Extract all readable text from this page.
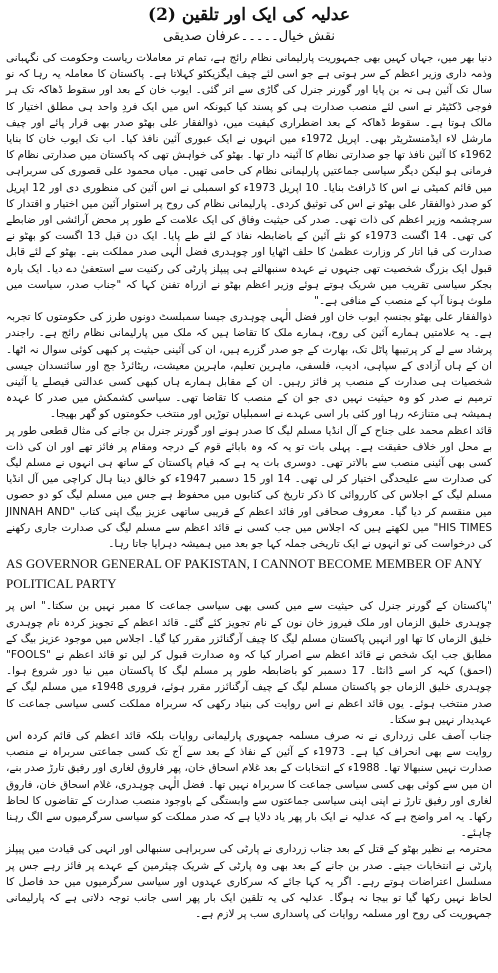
عدلیہ کی ایک اور تلقین (2)
نقش خیال۔۔۔۔۔عرفان صدیقی

دنیا بھر میں، جہاں کہیں بھی جمہوریت پارلیمانی نظام رائج ہے، تمام تر معاملات ریاست وحکومت کی نگہبانی وذمہ داری وزیر اعظم کے سر ہوتی ہے جو اسی لئے چیف ایگزیکٹو کہلاتا ہے۔ پاکستان کا معاملہ یہ رہا کہ نو سال تک آئین ہی نہ بن پایا اور گورنر جنرل کی گاڑی سے اتر گئی۔ ایوب خان کے بعد اور سقوط ڈھاکہ تک ہر فوجی ڈکٹیٹر نے اسی لئے منصب صدارت ہی کو پسند کیا کیونکہ اس میں ایک فردِ واحد ہی مطلق اختیار کا مالک ہوتا ہے۔ سقوط ڈھاکہ کے بعد اضطراری کیفیت میں، ذوالفقار علی بھٹو صدر بھی قرار پائے اور چیف مارشل لاء ایڈمنسٹریٹر بھی۔ اپریل 1972ء میں انہوں نے ایک عبوری آئین نافذ کیا۔ اب تک ایوب خان کا بنایا 1962ء کا آئین نافذ تھا جو صدارتی نظام کا آئینہ دار تھا۔ بھٹو کی خواہش تھی کہ پاکستان میں صدارتی نظام کا فرمانی ہو لیکن دیگر سیاسی جماعتیں پارلیمانی نظام کی حامی تھیں۔ میاں محمود علی قصوری کی سربراہی میں قائم کمیٹی نے اس کا ڈرافٹ بنایا۔ 10 اپریل 1973ء کو اسمبلی نے اس آئین کی منظوری دی اور 12 اپریل کو صدر ذوالفقار علی بھٹو نے اس کی توثیق کردی۔ پارلیمانی نظام کی روح پر استوار آئین میں اختیار و اقتدار کا سرچشمہ وزیر اعظم کی ذات تھی۔ صدر کی حیثیت وفاق کی ایک علامت کے طور پر محض آرائشی اور ضابطے کی تھی۔ 14 اگست 1973ء کو نئے آئین کے باضابطہ نفاذ کے لئے طے پایا۔ ایک دن قبل 13 اگست کو بھٹو نے صدارت کی قبا اتار کر وزارت عظمیٰ کا حلف اٹھایا اور چوہدری فضل الٰہی صدر مملکت بنے۔ بھٹو کے لئے قابل قبول ایک بزرگ شخصیت تھی جنہوں نے عہدہ سنبھالتے ہی پیپلز پارٹی کی رکنیت سے استعفیٰ دے دیا۔ ایک بارہ بجکر سیاسی تقریب میں شریک ہوتے ہوئے وزیر اعظم بھٹو نے ازراہ تفنن کہا کہ "جناب صدر، سیاست میں ملوث ہونا آپ کے منصب کے منافی ہے۔"

ذوالفقار علی بھٹو بجنسہٖ ایوب خان اور فضل الٰہی چوہدری جیسا سمبلسٹ دونوں طرز کی حکومتوں کا تجربہ ہے۔ یہ علامتیں ہمارے آئین کی روح، ہمارے ملک کا تقاضا ہیں کہ ملک میں پارلیمانی نظام رائج ہے۔ راجندر پرشاد سے لے کر پرتیبھا پاٹل تک، بھارت کے جو صدر گزرے ہیں، ان کی آئینی حیثیت پر کبھی کوئی سوال نہ اٹھا۔ ان کے ہاں آزادی کے سپاہی، ادیب، فلسفی، ماہرین تعلیم، ماہرین معیشت، ریٹائرڈ جج اور سائنسدان جیسی شخصیات ہی صدارت کے منصب پر فائز رہیں۔ ان کے مقابل ہمارے ہاں کبھی کسی عدالتی فیصلے یا آئینی ترمیم نے صدر کو وہ حیثیت نہیں دی جو ان کے منصب کا تقاضا تھی۔ سیاسی کشمکش میں صدر کا عہدہ ہمیشہ ہی متنازعہ رہا اور کئی بار اسی عہدے نے اسمبلیاں توڑیں اور منتخب حکومتوں کو گھر بھیجا۔

قائد اعظم محمد علی جناح کے آل انڈیا مسلم لیگ کا صدر ہونے اور گورنر جنرل بن جانے کی مثال قطعی طور پر بے محل اور خلاف حقیقت ہے۔ پہلی بات تو یہ کہ وہ بابائے قوم کے درجہ ومقام پر فائز تھے اور ان کی ذات کسی بھی آئینی منصب سے بالاتر تھی۔ دوسری بات یہ ہے کہ قیام پاکستان کے ساتھ ہی انہوں نے مسلم لیگ کی صدارت سے علیحدگی اختیار کر لی تھی۔ 14 اور 15 دسمبر 1947ء کو خالق دینا ہال کراچی میں آل انڈیا مسلم لیگ کے اجلاس کی کارروائی کا ذکر تاریخ کی کتابوں میں محفوظ ہے جس میں مسلم لیگ کو دو حصوں میں منقسم کر دیا گیا۔ معروف صحافی اور قائد اعظم کے قریبی ساتھی عزیز بیگ اپنی کتاب "JINNAH AND HIS TIMES" میں لکھتے ہیں کہ اجلاس میں جب کسی نے قائد اعظم سے مسلم لیگ کی صدارت جاری رکھنے کی درخواست کی تو انہوں نے ایک تاریخی جملہ کہا جو بعد میں ہمیشہ دہرایا جاتا رہا۔

AS GOVERNOR GENERAL OF PAKISTAN, I CANNOT BECOME MEMBER OF ANY POLITICAL PARTY

"پاکستان کے گورنر جنرل کی حیثیت سے میں کسی بھی سیاسی جماعت کا ممبر نہیں بن سکتا۔" اس پر چوہدری خلیق الزماں اور ملک فیروز خان نون کے نام تجویز کئے گئے۔ قائد اعظم کے تجویز کردہ نام چوہدری خلیق الزماں کا تھا اور انہیں پاکستان مسلم لیگ کا چیف آرگنائزر مقرر کیا گیا۔ اجلاس میں موجود عزیز بیگ کے مطابق جب ایک شخص نے قائد اعظم سے اصرار کیا کہ وہ صدارت قبول کر لیں تو قائد اعظم نے "FOOLS" (احمق) کہہ کر اسے ڈانٹا۔ 17 دسمبر کو باضابطہ طور پر مسلم لیگ کا پاکستان میں نیا دور شروع ہوا۔ چوہدری خلیق الزماں جو پاکستان مسلم لیگ کے چیف آرگنائزر مقرر ہوئے، فروری 1948ء میں مسلم لیگ کے صدر منتخب ہوئے۔ یوں قائد اعظم نے اس روایت کی بنیاد رکھی کہ سربراہ مملکت کسی سیاسی جماعت کا عہدیدار نہیں ہو سکتا۔

جناب آصف علی زرداری نے نہ صرف مسلمہ جمہوری پارلیمانی روایات بلکہ قائد اعظم کی قائم کردہ اس روایت سے بھی انحراف کیا ہے۔ 1973ء کے آئین کے نفاذ کے بعد سے آج تک کسی جماعتی سربراہ نے منصب صدارت نہیں سنبھالا تھا۔ 1988ء کے انتخابات کے بعد غلام اسحاق خان، پھر فاروق لغاری اور رفیق تارڑ صدر بنے، ان میں سے کوئی بھی کسی سیاسی جماعت کا سربراہ نہیں تھا۔ فضل الٰہی چوہدری، غلام اسحاق خان، فاروق لغاری اور رفیق تارڑ نے اپنی اپنی سیاسی جماعتوں سے وابستگی کے باوجود منصب صدارت کے تقاضوں کا لحاظ رکھا۔ یہ امر واضح ہے کہ عدلیہ نے ایک بار پھر یاد دلایا ہے کہ صدر مملکت کو سیاسی سرگرمیوں سے الگ رہنا چاہئے۔

محترمہ بے نظیر بھٹو کے قتل کے بعد جناب زرداری نے پارٹی کی سربراہی سنبھالی اور انہی کی قیادت میں پیپلز پارٹی نے انتخابات جیتے۔ صدر بن جانے کے بعد بھی وہ پارٹی کے شریک چیئرمین کے عہدے پر فائز رہے جس پر مسلسل اعتراضات ہوتے رہے۔ اگر یہ کہا جائے کہ سرکاری عہدوں اور سیاسی سرگرمیوں میں حد فاصل کا لحاظ نہیں رکھا گیا تو بیجا نہ ہوگا۔ عدلیہ کی یہ تلقین ایک بار پھر اسی جانب توجہ دلاتی ہے کہ پارلیمانی جمہوریت کی روح اور مسلمہ روایات کی پاسداری سب پر لازم ہے۔
